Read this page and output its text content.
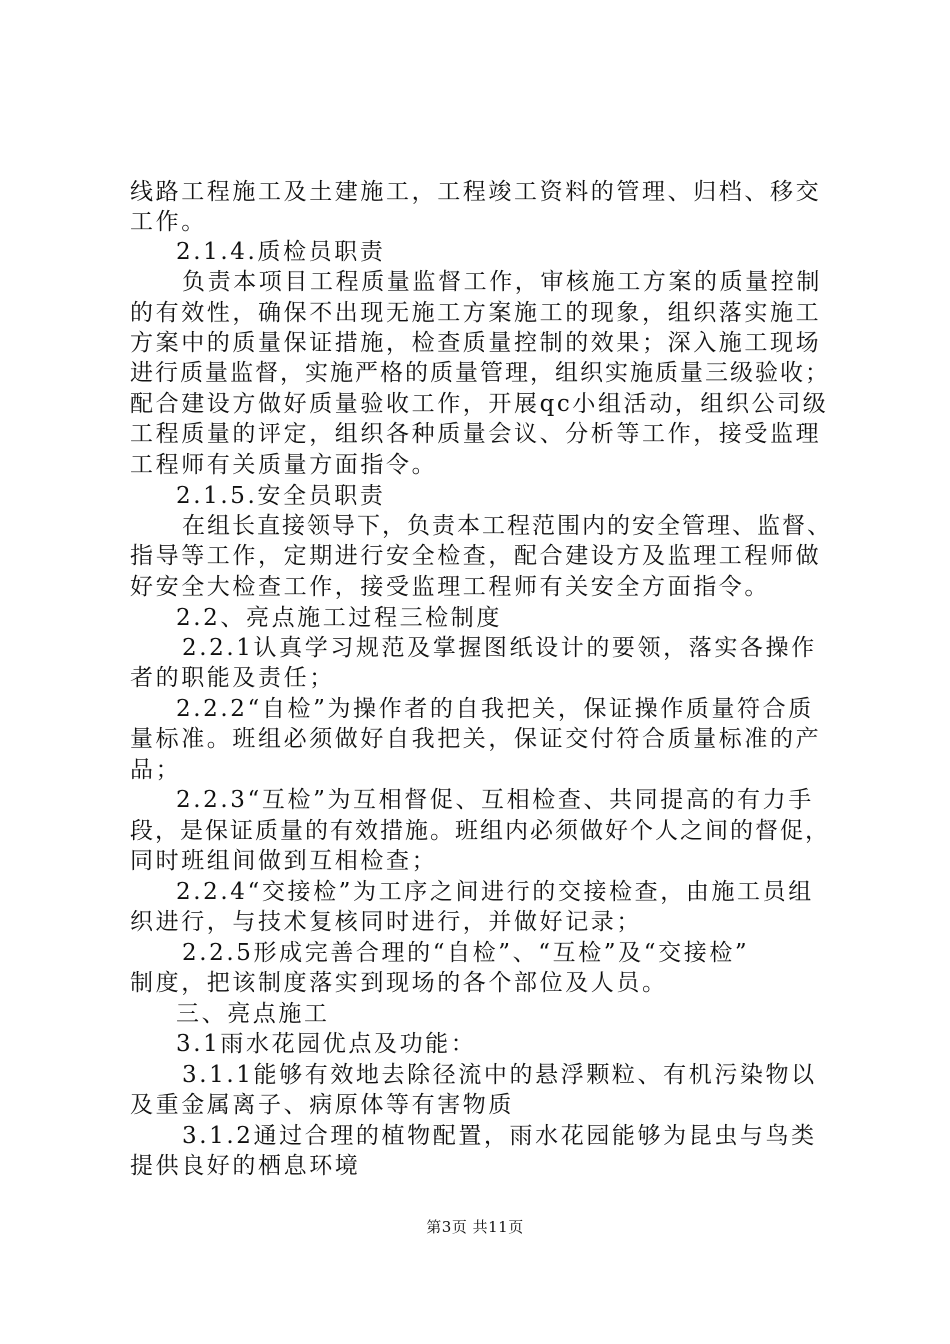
线路工程施工及土建施工，工程竣工资料的管理、归档、移交
工作。
2.1.4.质检员职责
负责本项目工程质量监督工作，审核施工方案的质量控制
的有效性，确保不出现无施工方案施工的现象，组织落实施工
方案中的质量保证措施，检查质量控制的效果；深入施工现场
进行质量监督，实施严格的质量管理，组织实施质量三级验收；
配合建设方做好质量验收工作，开展qc小组活动，组织公司级
工程质量的评定，组织各种质量会议、分析等工作，接受监理
工程师有关质量方面指令。
2.1.5.安全员职责
在组长直接领导下，负责本工程范围内的安全管理、监督、
指导等工作，定期进行安全检查，配合建设方及监理工程师做
好安全大检查工作，接受监理工程师有关安全方面指令。
2.2、亮点施工过程三检制度
2.2.1认真学习规范及掌握图纸设计的要领，落实各操作
者的职能及责任；
2.2.2“自检”为操作者的自我把关，保证操作质量符合质
量标准。班组必须做好自我把关，保证交付符合质量标准的产
品；
2.2.3“互检”为互相督促、互相检查、共同提高的有力手
段，是保证质量的有效措施。班组内必须做好个人之间的督促，
同时班组间做到互相检查；
2.2.4“交接检”为工序之间进行的交接检查，由施工员组
织进行，与技术复核同时进行，并做好记录；
2.2.5形成完善合理的“自检”、“互检”及“交接检”
制度，把该制度落实到现场的各个部位及人员。
三、亮点施工
3.1雨水花园优点及功能：
3.1.1能够有效地去除径流中的悬浮颗粒、有机污染物以
及重金属离子、病原体等有害物质
3.1.2通过合理的植物配置，雨水花园能够为昆虫与鸟类
提供良好的栖息环境
第3页 共11页
